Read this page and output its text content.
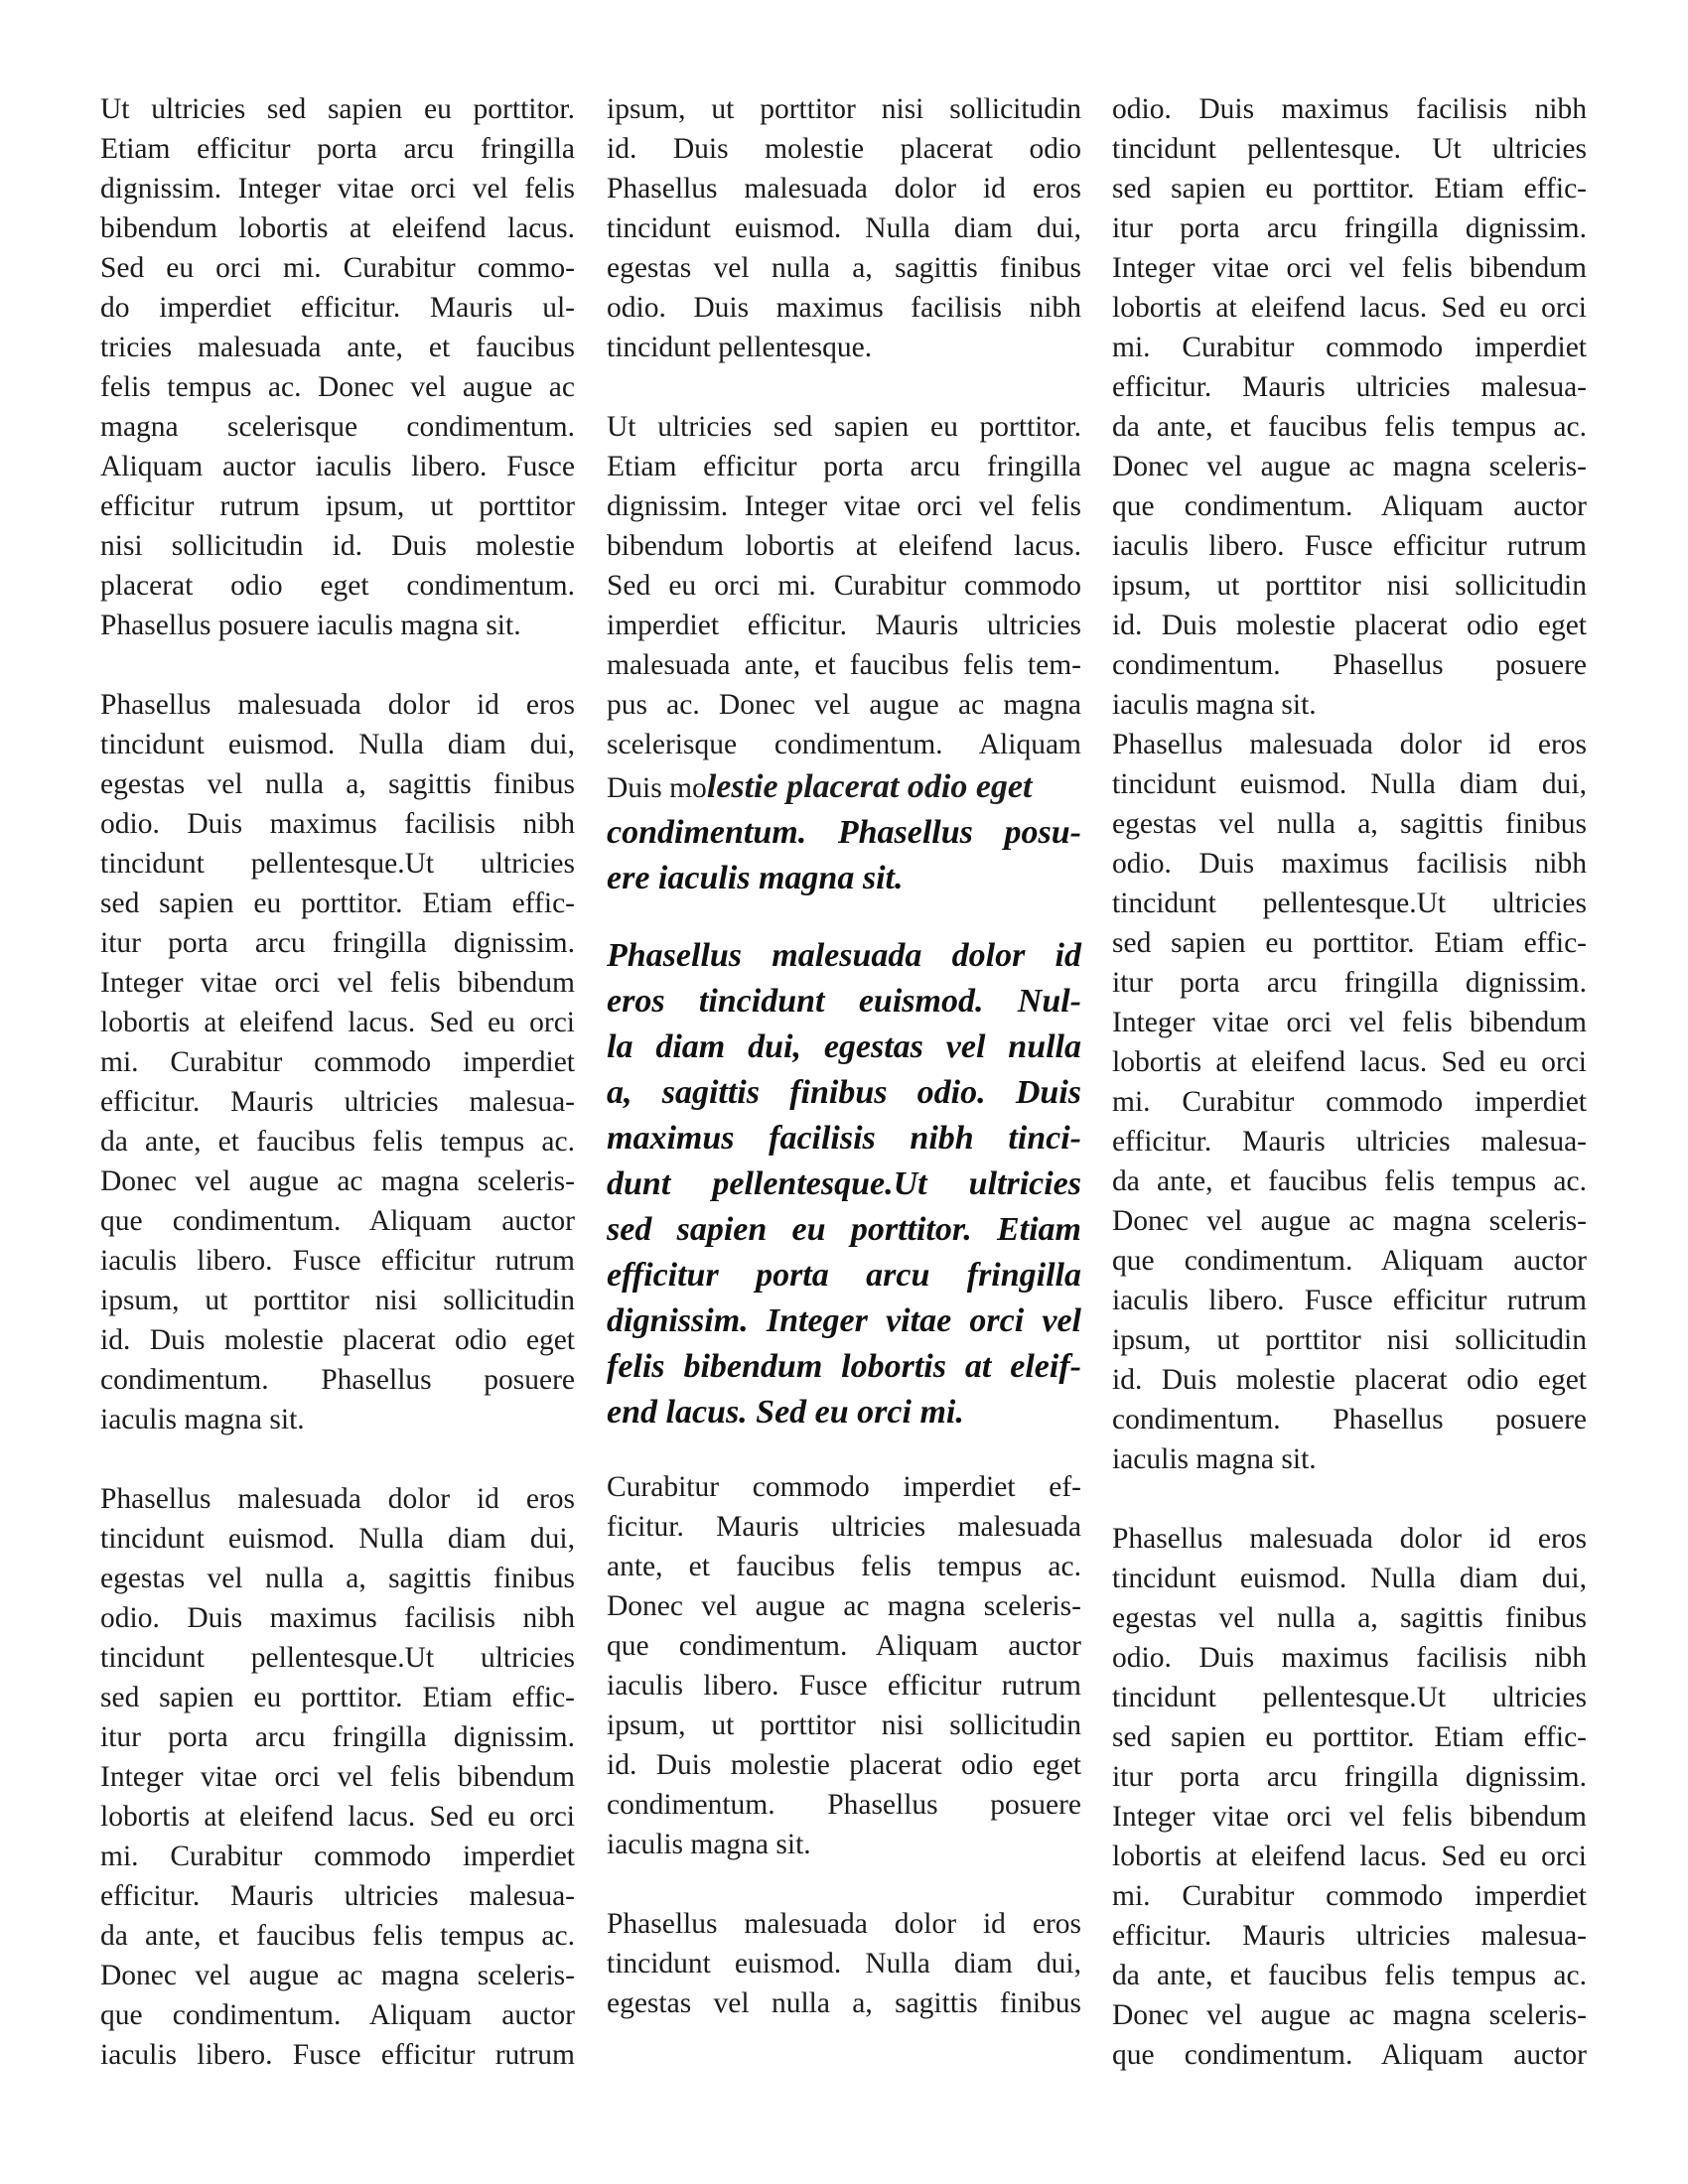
Ut ultricies sed sapien eu porttitor.
Etiam efficitur porta arcu fringilla
dignissim. Integer vitae orci vel felis
bibendum lobortis at eleifend lacus.
Sed eu orci mi. Curabitur commo-
do imperdiet efficitur. Mauris ul-
tricies malesuada ante, et faucibus
felis tempus ac. Donec vel augue ac
magna scelerisque condimentum.
Aliquam auctor iaculis libero. Fusce
efficitur rutrum ipsum, ut porttitor
nisi sollicitudin id. Duis molestie
placerat odio eget condimentum.
Phasellus posuere iaculis magna sit.
Phasellus malesuada dolor id eros
tincidunt euismod. Nulla diam dui,
egestas vel nulla a, sagittis finibus
odio. Duis maximus facilisis nibh
tincidunt pellentesque.Ut ultricies
sed sapien eu porttitor. Etiam effic-
itur porta arcu fringilla dignissim.
Integer vitae orci vel felis bibendum
lobortis at eleifend lacus. Sed eu orci
mi. Curabitur commodo imperdiet
efficitur. Mauris ultricies malesua-
da ante, et faucibus felis tempus ac.
Donec vel augue ac magna sceleris-
que condimentum. Aliquam auctor
iaculis libero. Fusce efficitur rutrum
ipsum, ut porttitor nisi sollicitudin
id. Duis molestie placerat odio eget
condimentum. Phasellus posuere
iaculis magna sit.
Phasellus malesuada dolor id eros
tincidunt euismod. Nulla diam dui,
egestas vel nulla a, sagittis finibus
odio. Duis maximus facilisis nibh
tincidunt pellentesque.Ut ultricies
sed sapien eu porttitor. Etiam effic-
itur porta arcu fringilla dignissim.
Integer vitae orci vel felis bibendum
lobortis at eleifend lacus. Sed eu orci
mi. Curabitur commodo imperdiet
efficitur. Mauris ultricies malesua-
da ante, et faucibus felis tempus ac.
Donec vel augue ac magna sceleris-
que condimentum. Aliquam auctor
iaculis libero. Fusce efficitur rutrum
ipsum, ut porttitor nisi sollicitudin
id. Duis molestie placerat odio
Phasellus malesuada dolor id eros
tincidunt euismod. Nulla diam dui,
egestas vel nulla a, sagittis finibus
odio. Duis maximus facilisis nibh
tincidunt pellentesque.
Ut ultricies sed sapien eu porttitor.
Etiam efficitur porta arcu fringilla
dignissim. Integer vitae orci vel felis
bibendum lobortis at eleifend lacus.
Sed eu orci mi. Curabitur commodo
imperdiet efficitur. Mauris ultricies
malesuada ante, et faucibus felis tem-
pus ac. Donec vel augue ac magna
scelerisque condimentum. Aliquam
Duis molestie placerat odio eget
condimentum. Phasellus posu-
ere iaculis magna sit.
Phasellus malesuada dolor id
eros tincidunt euismod. Nul-
la diam dui, egestas vel nulla
a, sagittis finibus odio. Duis
maximus facilisis nibh tinci-
dunt pellentesque.Ut ultricies
sed sapien eu porttitor. Etiam
efficitur porta arcu fringilla
dignissim. Integer vitae orci vel
felis bibendum lobortis at eleif-
end lacus. Sed eu orci mi.
Curabitur commodo imperdiet ef-
ficitur. Mauris ultricies malesuada
ante, et faucibus felis tempus ac.
Donec vel augue ac magna sceleris-
que condimentum. Aliquam auctor
iaculis libero. Fusce efficitur rutrum
ipsum, ut porttitor nisi sollicitudin
id. Duis molestie placerat odio eget
condimentum. Phasellus posuere
iaculis magna sit.
Phasellus malesuada dolor id eros
tincidunt euismod. Nulla diam dui,
egestas vel nulla a, sagittis finibus
odio. Duis maximus facilisis nibh
tincidunt pellentesque. Ut ultricies
sed sapien eu porttitor. Etiam effic-
itur porta arcu fringilla dignissim.
Integer vitae orci vel felis bibendum
lobortis at eleifend lacus. Sed eu orci
mi. Curabitur commodo imperdiet
efficitur. Mauris ultricies malesua-
da ante, et faucibus felis tempus ac.
Donec vel augue ac magna sceleris-
que condimentum. Aliquam auctor
iaculis libero. Fusce efficitur rutrum
ipsum, ut porttitor nisi sollicitudin
id. Duis molestie placerat odio eget
condimentum. Phasellus posuere
iaculis magna sit.
Phasellus malesuada dolor id eros
tincidunt euismod. Nulla diam dui,
egestas vel nulla a, sagittis finibus
odio. Duis maximus facilisis nibh
tincidunt pellentesque.Ut ultricies
sed sapien eu porttitor. Etiam effic-
itur porta arcu fringilla dignissim.
Integer vitae orci vel felis bibendum
lobortis at eleifend lacus. Sed eu orci
mi. Curabitur commodo imperdiet
efficitur. Mauris ultricies malesua-
da ante, et faucibus felis tempus ac.
Donec vel augue ac magna sceleris-
que condimentum. Aliquam auctor
iaculis libero. Fusce efficitur rutrum
ipsum, ut porttitor nisi sollicitudin
id. Duis molestie placerat odio eget
condimentum. Phasellus posuere
iaculis magna sit.
Phasellus malesuada dolor id eros
tincidunt euismod. Nulla diam dui,
egestas vel nulla a, sagittis finibus
odio. Duis maximus facilisis nibh
tincidunt pellentesque.Ut ultricies
sed sapien eu porttitor. Etiam effic-
itur porta arcu fringilla dignissim.
Integer vitae orci vel felis bibendum
lobortis at eleifend lacus. Sed eu orci
mi. Curabitur commodo imperdiet
efficitur. Mauris ultricies malesua-
da ante, et faucibus felis tempus ac.
Donec vel augue ac magna sceleris-
que condimentum. Aliquam auctor
